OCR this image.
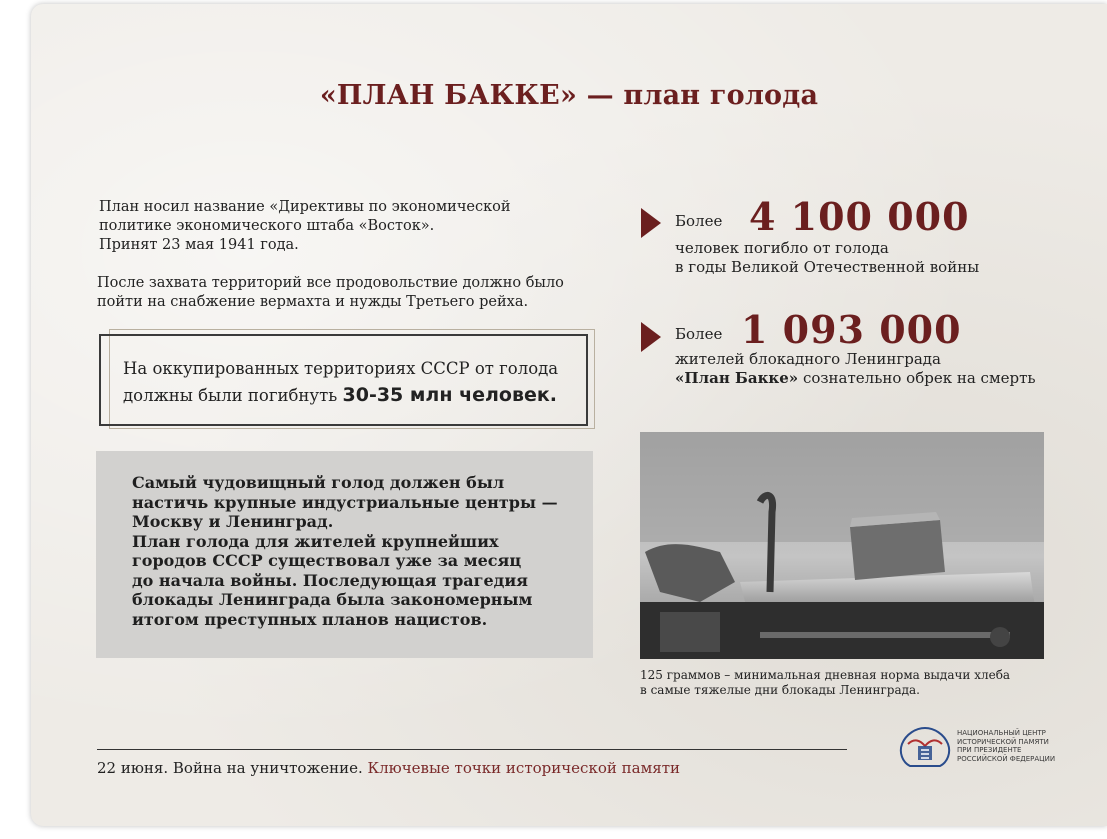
«ПЛАН БАККЕ» — план голода
План носил название «Директивы по экономической
политике экономического штаба «Восток».
Принят 23 мая 1941 года.
После захвата территорий все продовольствие должно было
пойти на снабжение вермахта и нужды Третьего рейха.
На оккупированных территориях СССР от голода
должны были погибнуть 30-35 млн человек.
Самый чудовищный голод должен был
настичь крупные индустриальные центры —
Москву и Ленинград.
План голода для жителей крупнейших
городов СССР существовал уже за месяц
до начала войны. Последующая трагедия
блокады Ленинграда была закономерным
итогом преступных планов нацистов.
Более 4 100 000
человек погибло от голода
в годы Великой Отечественной войны
Более 1 093 000
жителей блокадного Ленинграда
«План Бакке» сознательно обрек на смерть
125 граммов – минимальная дневная норма выдачи хлеба
в самые тяжелые дни блокады Ленинграда.
22 июня. Война на уничтожение. Ключевые точки исторической памяти
НАЦИОНАЛЬНЫЙ ЦЕНТР
ИСТОРИЧЕСКОЙ ПАМЯТИ
ПРИ ПРЕЗИДЕНТЕ
РОССИЙСКОЙ ФЕДЕРАЦИИ
